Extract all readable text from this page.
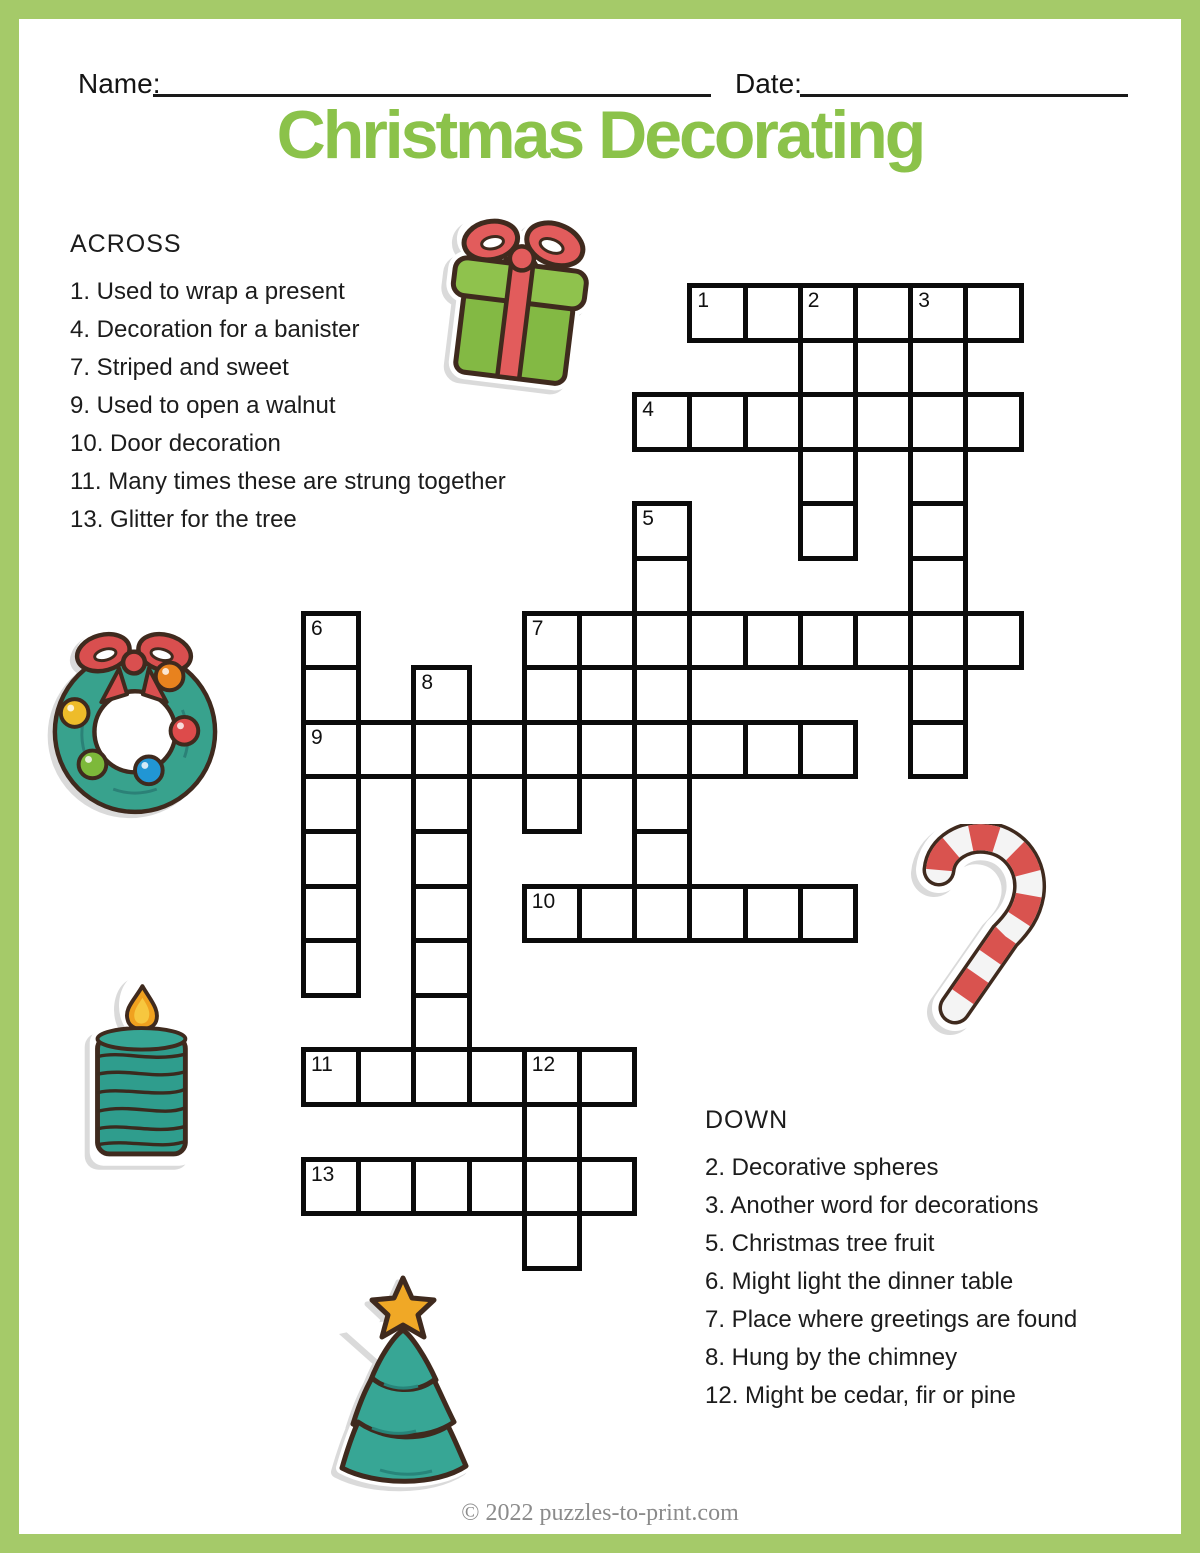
Name:	Date:
Christmas Decorating
ACROSS
1. Used to wrap a present
4. Decoration for a banister
7. Striped and sweet
9. Used to open a walnut
10. Door decoration
11. Many times these are strung together
13. Glitter for the tree
DOWN
2. Decorative spheres
3. Another word for decorations
5. Christmas tree fruit
6. Might light the dinner table
7. Place where greetings are found
8. Hung by the chimney
12. Might be cedar, fir or pine
1	2	3
4
5
6	7
8
9
10
11	12
13
© 2022 puzzles-to-print.com
